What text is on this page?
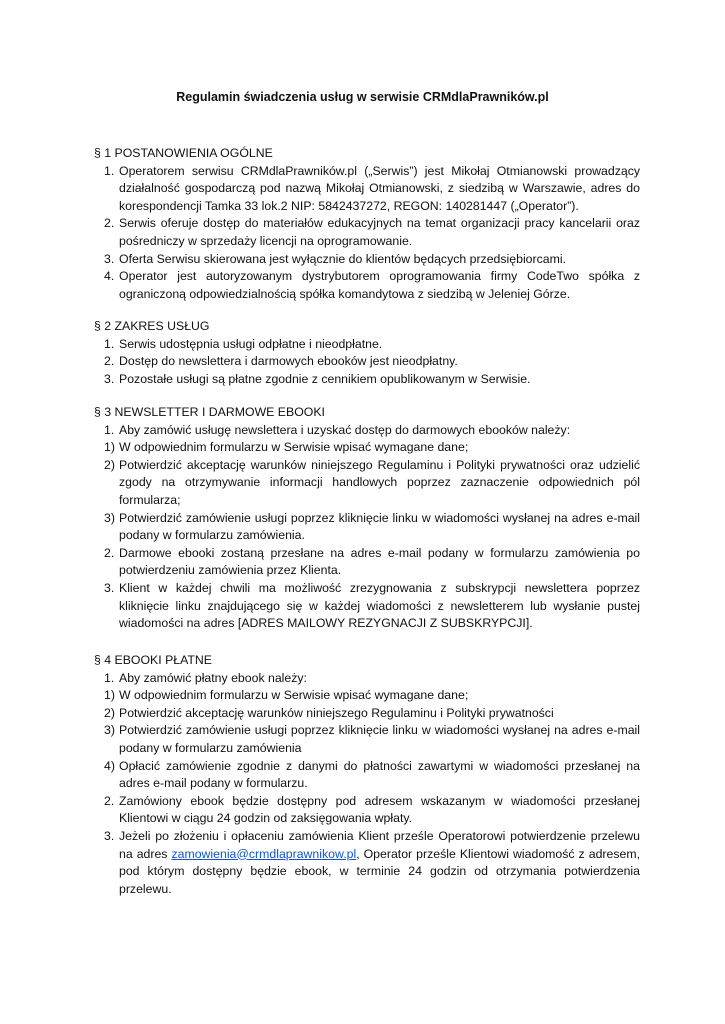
Regulamin świadczenia usług w serwisie CRMdlaPrawników.pl

§ 1 POSTANOWIENIA OGÓLNE

1. Operatorem serwisu CRMdlaPrawników.pl („Serwis”) jest Mikołaj Otmianowski prowadzący działalność gospodarczą pod nazwą Mikołaj Otmianowski, z siedzibą w Warszawie, adres do korespondencji Tamka 33 lok.2 NIP: 5842437272, REGON: 140281447 („Operator”).

2. Serwis oferuje dostęp do materiałów edukacyjnych na temat organizacji pracy kancelarii oraz pośredniczy w sprzedaży licencji na oprogramowanie.

3. Oferta Serwisu skierowana jest wyłącznie do klientów będących przedsiębiorcami.

4. Operator jest autoryzowanym dystrybutorem oprogramowania firmy CodeTwo spółka z ograniczoną odpowiedzialnością spółka komandytowa z siedzibą w Jeleniej Górze.

§ 2 ZAKRES USŁUG

1. Serwis udostępnia usługi odpłatne i nieodpłatne.

2. Dostęp do newslettera i darmowych ebooków jest nieodpłatny.

3. Pozostałe usługi są płatne zgodnie z cennikiem opublikowanym w Serwisie.

§ 3 NEWSLETTER I DARMOWE EBOOKI

1. Aby zamówić usługę newslettera i uzyskać dostęp do darmowych ebooków należy:

1) W odpowiednim formularzu w Serwisie wpisać wymagane dane;

2) Potwierdzić akceptację warunków niniejszego Regulaminu i Polityki prywatności oraz udzielić zgody na otrzymywanie informacji handlowych poprzez zaznaczenie odpowiednich pól formularza;

3) Potwierdzić zamówienie usługi poprzez kliknięcie linku w wiadomości wysłanej na adres e-mail podany w formularzu zamówienia.

2. Darmowe ebooki zostaną przesłane na adres e-mail podany w formularzu zamówienia po potwierdzeniu zamówienia przez Klienta.

3. Klient w każdej chwili ma możliwość zrezygnowania z subskrypcji newslettera poprzez kliknięcie linku znajdującego się w każdej wiadomości z newsletterem lub wysłanie pustej wiadomości na adres [ADRES MAILOWY REZYGNACJI Z SUBSKRYPCJI].

§ 4 EBOOKI PŁATNE

1. Aby zamówić płatny ebook należy:

1) W odpowiednim formularzu w Serwisie wpisać wymagane dane;

2) Potwierdzić akceptację warunków niniejszego Regulaminu i Polityki prywatności

3) Potwierdzić zamówienie usługi poprzez kliknięcie linku w wiadomości wysłanej na adres e-mail podany w formularzu zamówienia

4) Opłacić zamówienie zgodnie z danymi do płatności zawartymi w wiadomości przesłanej na adres e-mail podany w formularzu.

2. Zamówiony ebook będzie dostępny pod adresem wskazanym w wiadomości przesłanej Klientowi w ciągu 24 godzin od zaksięgowania wpłaty.

3. Jeżeli po złożeniu i opłaceniu zamówienia Klient prześle Operatorowi potwierdzenie przelewu na adres zamowienia@crmdlaprawnikow.pl, Operator prześle Klientowi wiadomość z adresem, pod którym dostępny będzie ebook, w terminie 24 godzin od otrzymania potwierdzenia przelewu.
